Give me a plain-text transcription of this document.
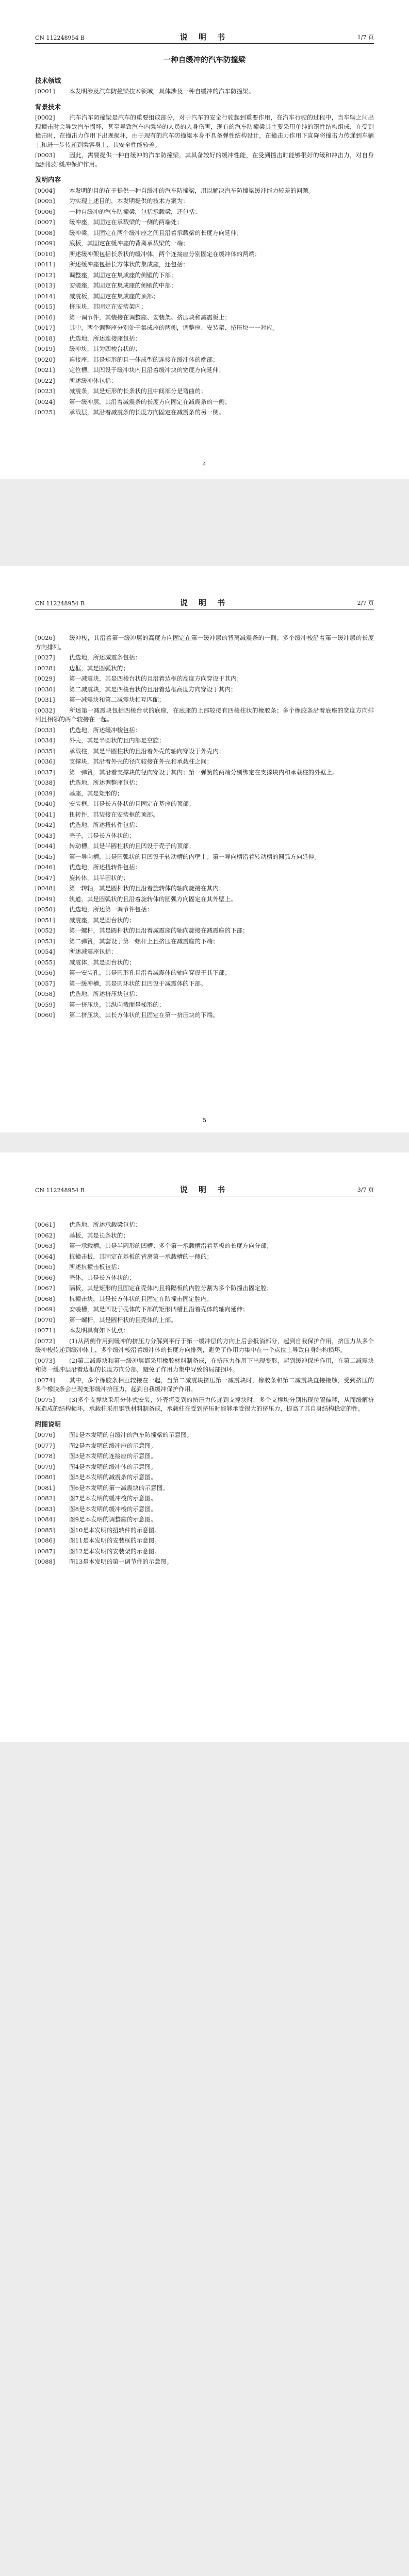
CN 112248954 B	说 明 书	1/7 页
一种自缓冲的汽车防撞梁
技术领域
[0001] 本发明涉及汽车防撞梁技术领域，具体涉及一种自缓冲的汽车防撞梁。
背景技术
[0002] 汽车汽车防撞梁是汽车的重要组成部分，对于汽车的安全行驶起到重要作用，在汽车行驶的过程中，当车辆之间出现撞击时会导致汽车损坏，甚至导致汽车内乘坐的人员的人身伤害，现有的汽车防撞梁其主要采用单纯的钢性结构组成，在受到撞击时，在撞击力作用下出现损坏，由于现有的汽车防撞梁本身不具备弹性结构设计，在撞击力作用下直降将撞击力传递到车辆上和进一步传递到乘客身上，其安全性能较差。
[0003] 因此，需要提供一种自缓冲的汽车防撞梁，其具备较好的缓冲性能，在受到撞击时能够很好的缓和冲击力，对自身起到很好缓冲保护作用。
发明内容
[0004] 本发明的目的在于提供一种自缓冲的汽车防撞梁，用以解决汽车防撞梁缓冲能力较差的问题。
[0005] 为实现上述目的，本发明提供的技术方案为：
[0006] 一种自缓冲的汽车防撞梁，包括承载梁，还包括：
[0007] 缓冲座，其固定在承载梁的一侧的两端处；
[0008] 缓冲梁，其固定在两个缓冲座之间且沿着承载梁的长度方向延伸；
[0009] 底板，其固定在缓冲座的背离承载梁的一端；
[0010] 所述缓冲架包括长条状的缓冲体，两个连接座分别固定在缓冲体的两端；
[0011] 所述缓冲座包括长方体状的集成座，还包括：
[0012] 调整座，其固定在集成座的侧壁的下部；
[0013] 安装座，其固定在集成座的侧壁的中部；
[0014] 减震板，其固定在集成座的顶部；
[0015] 挤压块，其固定在安装架内；
[0016] 第一调节件，其装接在调整座、安装架、挤压块和减震板上；
[0017] 其中，两个调整座分别处于集成座的两侧，调整座、安装架、挤压块一一对应。
[0018] 优选地，所述连接座包括：
[0019] 缓冲块，其为四棱台状的；
[0020] 连接座，其是矩形的且一体成型的连接在缓冲体的端部；
[0021] 定位槽，其凹设于缓冲块内且沿着缓冲块的宽度方向延伸；
[0022] 所述缓冲体包括：
[0023] 减震条，其是矩形的长条状的且中间部分是弯曲的；
[0024] 第一缓冲层，其沿着减震条的长度方向固定在减震条的一侧；
[0025] 承载层，其沿着减震条的长度方向固定在减震条的另一侧。
4
CN 112248954 B	说 明 书	2/7 页
[0026] 缓冲梭，其沿着第一缓冲层的高度方向固定在第一缓冲层的背离减震条的一侧；多个缓冲梭沿着第一缓冲层的长度方向排列。
[0027] 优选地，所述减震条包括：
[0028] 边框，其是圆弧状的；
[0029] 第一减震块，其是四棱台状的且沿着边框的高度方向穿设于其内；
[0030] 第二减震块，其是四棱台状的且沿着边框高度方向穿设于其内；
[0031] 第一减震块和第二减震块相互匹配；
[0032] 所述第一减震块包括四棱台状的底座，在底座的上部较接有四棱柱状的橡胶条；多个橡胶条沿着底座的宽度方向排列且相邻的两个较接在一起。
[0033] 优选地，所述缓冲梭包括：
[0034] 外壳，其是半圆状的且内部是空腔；
[0035] 承载柱，其是半圆柱状的且沿着外壳的轴向穿设于外壳内；
[0036] 支撑块，其沿着外壳的径向较接在外壳和承载柱之间；
[0037] 第一弹簧，其沿着支撑块的径向穿设于其内；第一弹簧的两端分别绑定在支撑块内和承载柱的外壁上。
[0038] 优选地，所述调整座包括：
[0039] 基座，其是矩形的；
[0040] 安装框，其是长方体状的且固定在基座的顶部；
[0041] 扭转件，其装接在安装框的顶部。
[0042] 优选地，所述扭转件包括：
[0043] 壳子，其是长方体状的；
[0044] 转动槽，其是半圆柱状的且凹设于壳子的顶部；
[0045] 第一导向槽，其是圆弧状的且凹设于转动槽的内壁上；第一导向槽沿着转动槽的圆弧方向延伸。
[0046] 优选地，所述扭转件包括：
[0047] 旋转体，其半圆状的；
[0048] 第一转轴，其是圆杆状的且沿着旋转体的轴向旋接在其内；
[0049] 轨道，其是圆弧状的且沿着旋转体的圆弧方向固定在其外壁上。
[0050] 优选地，所述第一调节件包括：
[0051] 减震座，其是圆台状的；
[0052] 第一螺杆，其是圆杆状的且沿着减震座的轴向旋接在减震座的下部；
[0053] 第二弹簧，其套设于第一螺杆上且挤压在减震座的下端；
[0054] 所述减震座包括：
[0055] 减震体，其是圆台状的；
[0056] 第一安装孔，其是圆形孔且沿着减震体的轴向穿设于其下部；
[0057] 第一缓冲槽，其是圆环状的且凹设于减震体的下部。
[0058] 优选地，所述挤压块包括：
[0059] 第一挤压块，其纵向截面是梯形的；
[0060] 第二挤压块，其长方体状的且固定在第一挤压块的下端。
5
CN 112248954 B	说 明 书	3/7 页
[0061] 优选地，所述承载梁包括：
[0062] 基板，其是长条状的；
[0063] 第一承载槽，其是半圆形的凹槽；多个第一承载槽沿着基板的长度方向分部；
[0064] 抗撞击板，其固定在基板的背离第一承载槽的一侧的；
[0065] 所述抗撞击板包括：
[0066] 壳体，其是长方体状的；
[0067] 隔板，其是矩形的且固定在壳体内且将隔板的内腔分割为多个防撞击固定腔；
[0068] 抗撞击块，其是长方体状的且固定在防撞击固定腔内；
[0069] 安装槽，其是凹设于壳体的下部的矩形凹槽且沿着壳体的轴向延伸；
[0070] 第一螺杆，其是圆杆状的且壳体的上部。
[0071] 本发明具有如下优点：
[0072] (1)从两侧作用到缓冲的挤压力分解到平行于第一缓冲层的方向上后会抵消部分，起到自我保护作用，挤压力从多个缓冲梭传递到缓冲体上，多个缓冲梭沿着缓冲体的长度方向排列，避免了作用力集中在一个点位上导致自身结构损坏。
[0073] (2)第二减震块和第一缓冲层都采用橡胶材料制备成，在挤压力作用下出现变形，起到缓冲保护作用，在第二减震块和第一缓冲层沿着边框的长度方向分部，避免了作用力集中导致的局部损坏。
[0074] 其中，多个橡胶条相互较接在一起，当第二减震块挤压第一减震块时，橡胶条和第二减震块直接接触，受到挤压的多个橡胶条会出现变形缓冲挤压力，起到自我缓冲保护作用。
[0075] (3)多个支撑块采用分体式安装，外壳将受到的挤压力传递到支撑块时，多个支撑块分别出现位置偏移，从而缓解挤压造成的结构损坏，承载柱采用钢铁材料制备成，承载柱在受到挤压时能够承受很大的挤压力，提高了其自身结构稳定的性。
附图说明
[0076] 图1是本发明的自缓冲的汽车防撞梁的示意图。
[0077] 图2是本发明的缓冲座的示意图。
[0078] 图3是本发明的连接座的示意图。
[0079] 图4是本发明的缓冲体的示意图。
[0080] 图5是本发明的减震条的示意图。
[0081] 图6是本发明的第一减震块的示意图。
[0082] 图7是本发明的缓冲梭的示意图。
[0083] 图8是本发明的缓冲梭的示意图。
[0084] 图9是本发明的调整座的示意图。
[0085] 图10是本发明的扭转件的示意图。
[0086] 图11是本发明的安装框的示意图。
[0087] 图12是本发明的安装架的示意图。
[0088] 图13是本发明的第一调节件的示意图。
